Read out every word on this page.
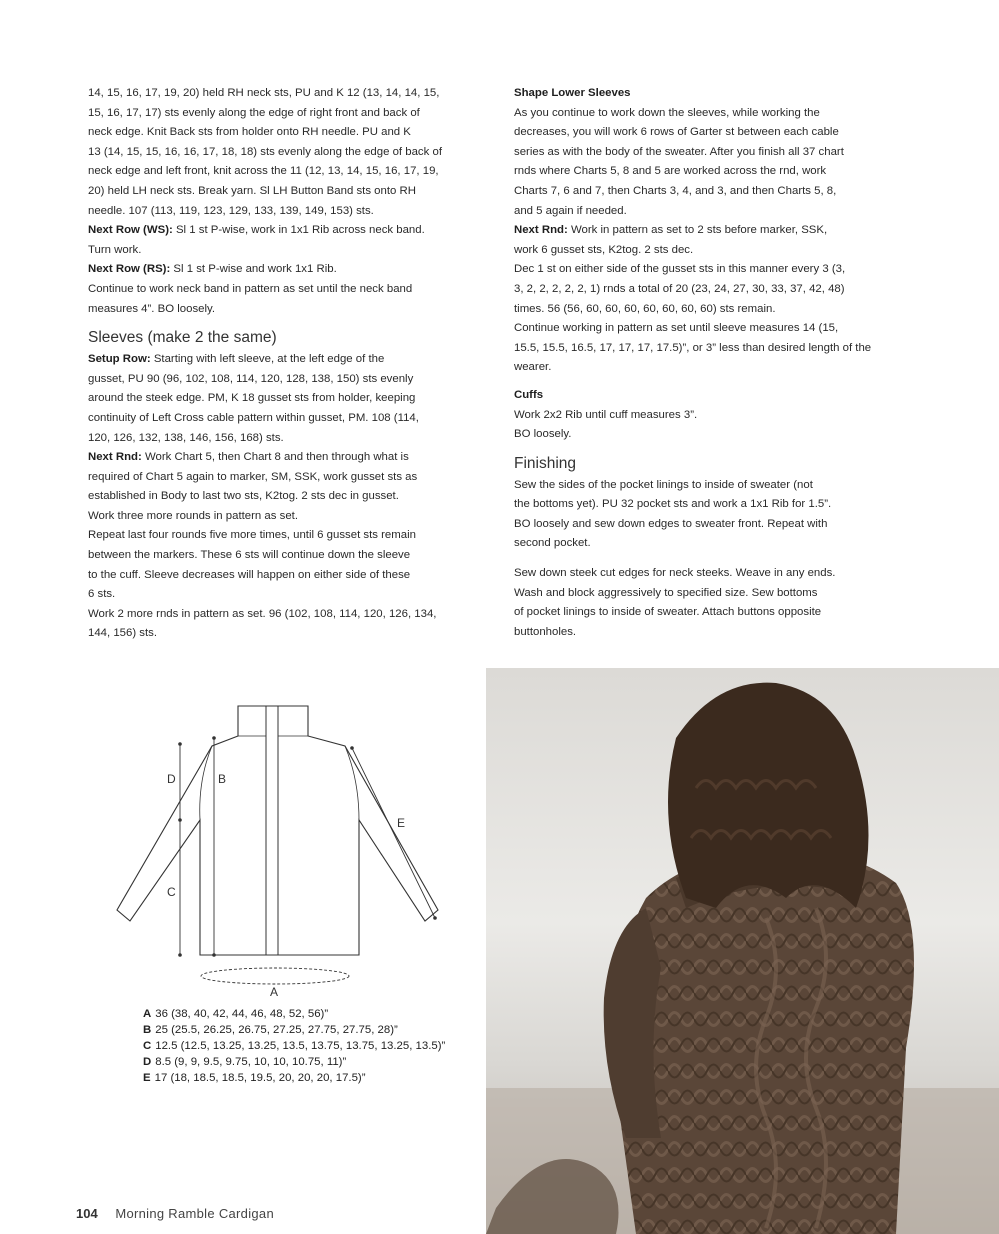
14, 15, 16, 17, 19, 20) held RH neck sts, PU and K 12 (13, 14, 14, 15,

15, 16, 17, 17) sts evenly along the edge of right front and back of

neck edge. Knit Back sts from holder onto RH needle. PU and K

13 (14, 15, 15, 16, 16, 17, 18, 18) sts evenly along the edge of back of

neck edge and left front, knit across the 11 (12, 13, 14, 15, 16, 17, 19,

20) held LH neck sts. Break yarn. Sl LH Button Band sts onto RH

needle. 107 (113, 119, 123, 129, 133, 139, 149, 153) sts.

Next Row (WS): Sl 1 st P-wise, work in 1x1 Rib across neck band.

Turn work.

Next Row (RS): Sl 1 st P-wise and work 1x1 Rib.

Continue to work neck band in pattern as set until the neck band

measures 4”. BO loosely.

Sleeves (make 2 the same)

Setup Row: Starting with left sleeve, at the left edge of the

gusset, PU 90 (96, 102, 108, 114, 120, 128, 138, 150) sts evenly

around the steek edge. PM, K 18 gusset sts from holder, keeping

continuity of Left Cross cable pattern within gusset, PM. 108 (114,

120, 126, 132, 138, 146, 156, 168) sts.

Next Rnd: Work Chart 5, then Chart 8 and then through what is

required of Chart 5 again to marker, SM, SSK, work gusset sts as

established in Body to last two sts, K2tog. 2 sts dec in gusset.

Work three more rounds in pattern as set.

Repeat last four rounds five more times, until 6 gusset sts remain

between the markers. These 6 sts will continue down the sleeve

to the cuff. Sleeve decreases will happen on either side of these

6 sts.

Work 2 more rnds in pattern as set. 96 (102, 108, 114, 120, 126, 134,

144, 156) sts.

Shape Lower Sleeves

As you continue to work down the sleeves, while working the

decreases, you will work 6 rows of Garter st between each cable

series as with the body of the sweater. After you finish all 37 chart

rnds where Charts 5, 8 and 5 are worked across the rnd, work

Charts 7, 6 and 7, then Charts 3, 4, and 3, and then Charts 5, 8,

and 5 again if needed.

Next Rnd: Work in pattern as set to 2 sts before marker, SSK,

work 6 gusset sts, K2tog. 2 sts dec.

Dec 1 st on either side of the gusset sts in this manner every 3 (3,

3, 2, 2, 2, 2, 2, 1) rnds a total of 20 (23, 24, 27, 30, 33, 37, 42, 48)

times. 56 (56, 60, 60, 60, 60, 60, 60, 60) sts remain.

Continue working in pattern as set until sleeve measures 14 (15,

15.5, 15.5, 16.5, 17, 17, 17, 17.5)”, or 3” less than desired length of the

wearer.

Cuffs

Work 2x2 Rib until cuff measures 3”.

BO loosely.

Finishing

Sew the sides of the pocket linings to inside of sweater (not

the bottoms yet). PU 32 pocket sts and work a 1x1 Rib for 1.5”.

BO loosely and sew down edges to sweater front. Repeat with

second pocket.

Sew down steek cut edges for neck steeks. Weave in any ends.

Wash and block aggressively to specified size. Sew bottoms

of pocket linings to inside of sweater. Attach buttons opposite

buttonholes.

D	B
C
E
A
A 36 (38, 40, 42, 44, 46, 48, 52, 56)”
B 25 (25.5, 26.25, 26.75, 27.25, 27.75, 27.75, 28)”
C 12.5 (12.5, 13.25, 13.25, 13.5, 13.75, 13.75, 13.25, 13.5)”
D 8.5 (9, 9, 9.5, 9.75, 10, 10, 10.75, 11)”
E 17 (18, 18.5, 18.5, 19.5, 20, 20, 20, 17.5)”
104 Morning Ramble Cardigan
